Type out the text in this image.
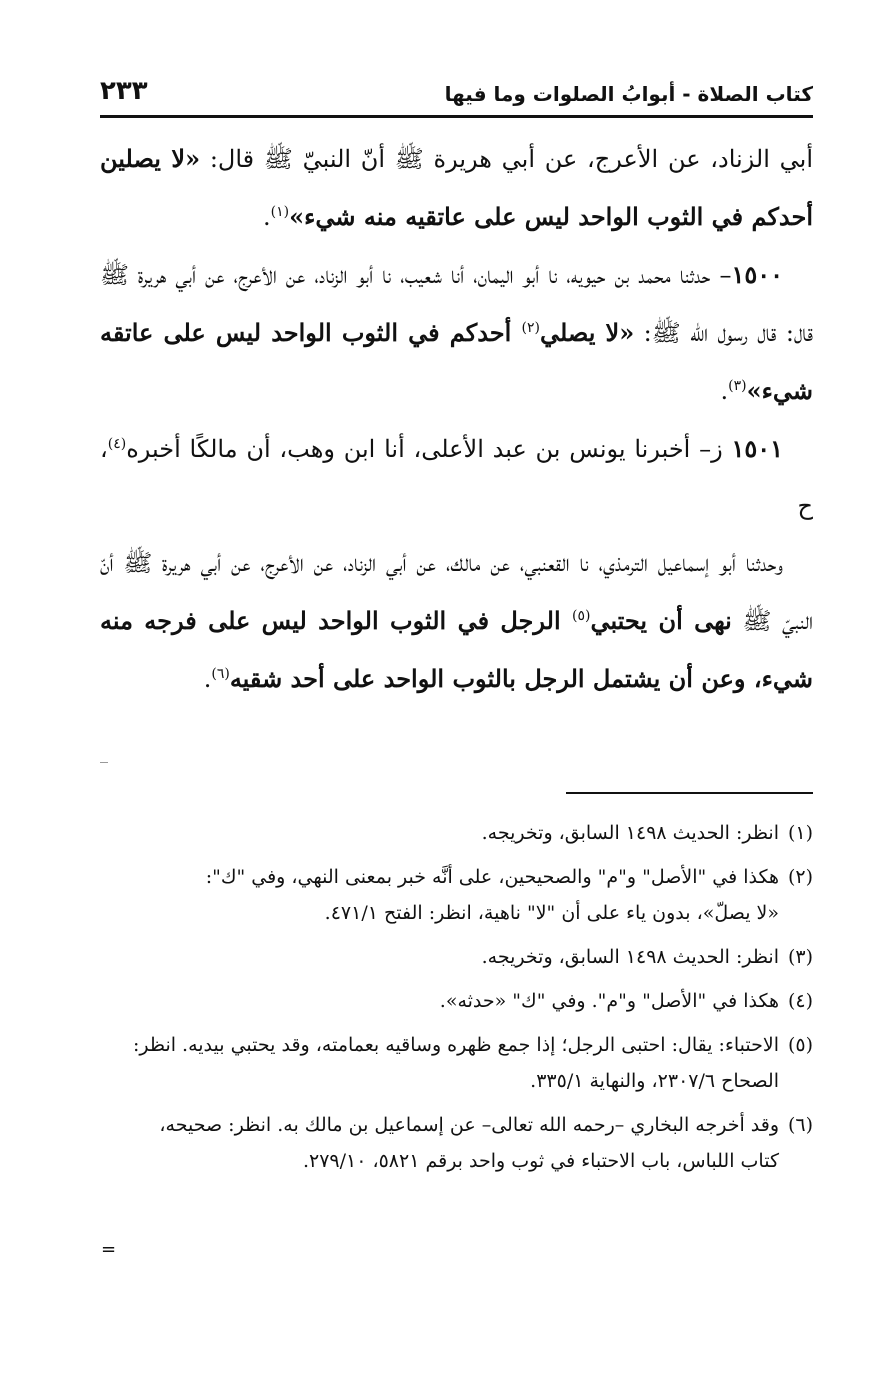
كتاب الصلاة - أبوابُ الصلوات وما فيها
٢٣٣

أبي الزناد، عن الأعرج، عن أبي هريرة ﷺ أنّ النبيّ ﷺ قال: «لا يصلين أحدكم في الثوب الواحد ليس على عاتقيه منه شيء»$^{(١)}$.

١٥٠٠– حدثنا محمد بن حيويه، نا أبو اليمان، أنا شعيب، نا أبو الزناد، عن الأعرج، عن أبي هريرة ﷺ قال: قال رسول الله ﷺ: «لا يصلي$^{(٢)}$ أحدكم في الثوب الواحد ليس على عاتقه شيء»$^{(٣)}$.

١٥٠١ ز– أخبرنا يونس بن عبد الأعلى، أنا ابن وهب، أن مالكًا أخبره$^{(٤)}$، ح

وحدثنا أبو إسماعيل الترمذي، نا القعنبي، عن مالك، عن أبي الزناد، عن الأعرج، عن أبي هريرة ﷺ أنّ النبيّ ﷺ نهى أن يحتبي$^{(٥)}$ الرجل في الثوب الواحد ليس على فرجه منه شيء، وعن أن يشتمل الرجل بالثوب الواحد على أحد شقيه$^{(٦)}$.

(١)انظر: الحديث ١٤٩٨ السابق، وتخريجه.
(٢)هكذا في "الأصل" و"م" والصحيحين، على أنَّه خبر بمعنى النهي، وفي "ك":
«لا يصلّ»، بدون ياء على أن "لا" ناهية، انظر: الفتح ٤٧١/١.
(٣)انظر: الحديث ١٤٩٨ السابق، وتخريجه.
(٤)هكذا في "الأصل" و"م". وفي "ك" «حدثه».
(٥)الاحتباء: يقال: احتبى الرجل؛ إذا جمع ظهره وساقيه بعمامته، وقد يحتبي بيديه. انظر:
الصحاح ٢٣٠٧/٦، والنهاية ٣٣٥/١.
(٦)وقد أخرجه البخاري –رحمه الله تعالى– عن إسماعيل بن مالك به. انظر: صحيحه،
كتاب اللباس، باب الاحتباء في ثوب واحد برقم ٥٨٢١، ٢٧٩/١٠.
=
